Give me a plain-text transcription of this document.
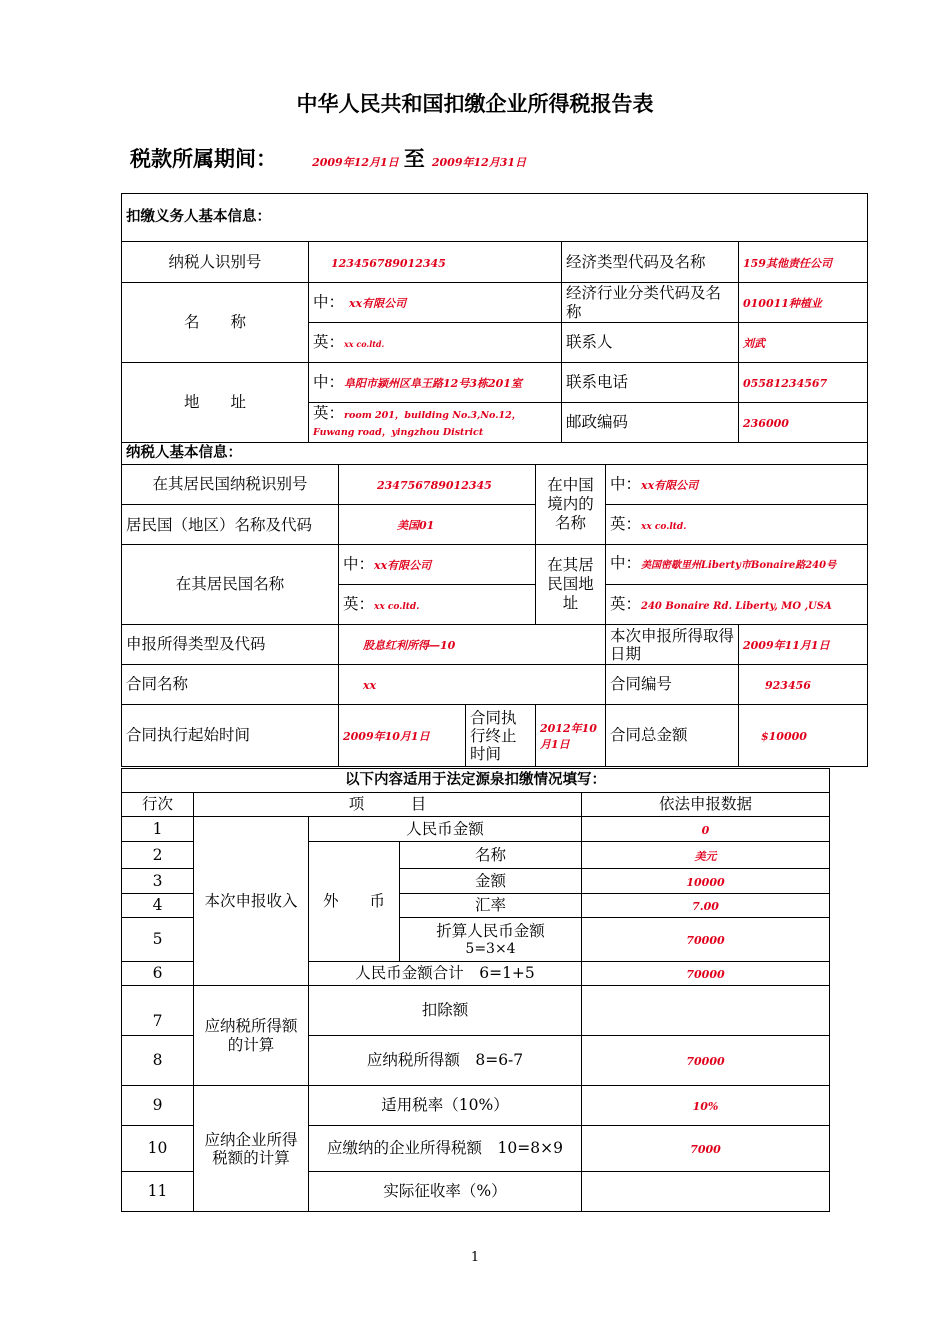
中华人民共和国扣缴企业所得税报告表
税款所属期间：	2009年12月1日 至 2009年12月31日
扣缴义务人基本信息：							
纳税人识别号	123456789012345				经济类型代码及名称		159其他责任公司
名　　称	中： xx有限公司				经济行业分类代码及名称		010011种植业
	英：xx co.ltd.				联系人		刘武
地　　址	中：阜阳市颍州区阜王路12号3栋201室				联系电话		05581234567
	英：room 201，building No.3,No.12，Fuwang road，yingzhou District				邮政编码		236000
纳税人基本信息：							
在其居民国纳税识别号		234756789012345		在中国境内的名称		中：xx有限公司	
居民国（地区）名称及代码		美国01				英：xx co.ltd.	
在其居民国名称		中：xx有限公司		在其居民国地址		中：美国密歇里州Liberty市Bonaire路240号	
		英：xx co.ltd.				英：240 Bonaire Rd. Liberty, MO ,USA	
申报所得类型及代码		股息红利所得—10				本次申报所得取得日期	2009年11月1日
合同名称		xx				合同编号	923456
合同执行起始时间		2009年10月1日	合同执行终止时间	2012年10月1日		合同总金额	$10000
以下内容适用于法定源泉扣缴情况填写：				
行次	项　　　目			依法申报数据
1	本次申报收入	人民币金额		0
2		外　　币	名称	美元
3			金额	10000
4			汇率	7.00
5			折算人民币金额
5=3×4	70000
6		人民币金额合计　6=1+5		70000
7	应纳税所得额的计算	扣除额		
8		应纳税所得额　8=6-7		70000
9	应纳企业所得税额的计算	适用税率（10%）		10%
10		应缴纳的企业所得税额　10=8×9		7000
11		实际征收率（%）		
1
